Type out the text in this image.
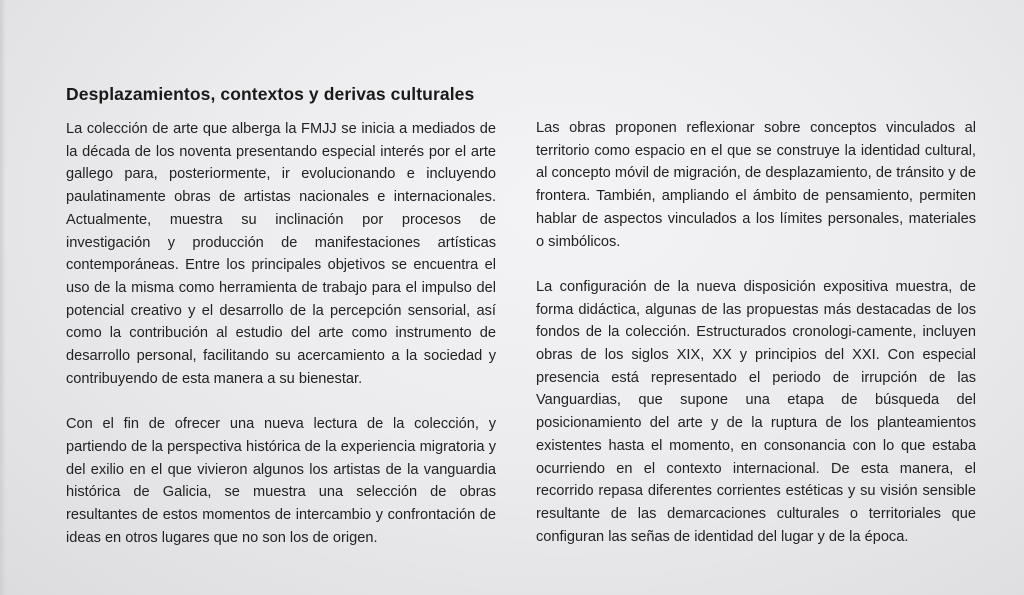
Desplazamientos, contextos y derivas culturales

La colección de arte que alberga la FMJJ se inicia a mediados de la década de los noventa presentando especial interés por el arte gallego para, posteriormente, ir evolucionando e incluyendo paulatinamente obras de artistas nacionales e internacionales. Actualmente, muestra su inclinación por procesos de investigación y producción de manifestaciones artísticas contemporáneas. Entre los principales objetivos se encuentra el uso de la misma como herramienta de trabajo para el impulso del potencial creativo y el desarrollo de la percepción sensorial, así como la contribución al estudio del arte como instrumento de desarrollo personal, facilitando su acercamiento a la sociedad y contribuyendo de esta manera a su bienestar.

Con el fin de ofrecer una nueva lectura de la colección, y partiendo de la perspectiva histórica de la experiencia migratoria y del exilio en el que vivieron algunos los artistas de la vanguardia histórica de Galicia, se muestra una selección de obras resultantes de estos momentos de intercambio y confrontación de ideas en otros lugares que no son los de origen.

Las obras proponen reflexionar sobre conceptos vinculados al territorio como espacio en el que se construye la identidad cultural, al concepto móvil de migración, de desplazamiento, de tránsito y de frontera. También, ampliando el ámbito de pensamiento, permiten hablar de aspectos vinculados a los límites personales, materiales o simbólicos.

La configuración de la nueva disposición expositiva muestra, de forma didáctica, algunas de las propuestas más destacadas de los fondos de la colección. Estructurados cronologi-camente, incluyen obras de los siglos XIX, XX y principios del XXI. Con especial presencia está representado el periodo de irrupción de las Vanguardias, que supone una etapa de búsqueda del posicionamiento del arte y de la ruptura de los planteamientos existentes hasta el momento, en consonancia con lo que estaba ocurriendo en el contexto internacional. De esta manera, el recorrido repasa diferentes corrientes estéticas y su visión sensible resultante de las demarcaciones culturales o territoriales que configuran las señas de identidad del lugar y de la época.
